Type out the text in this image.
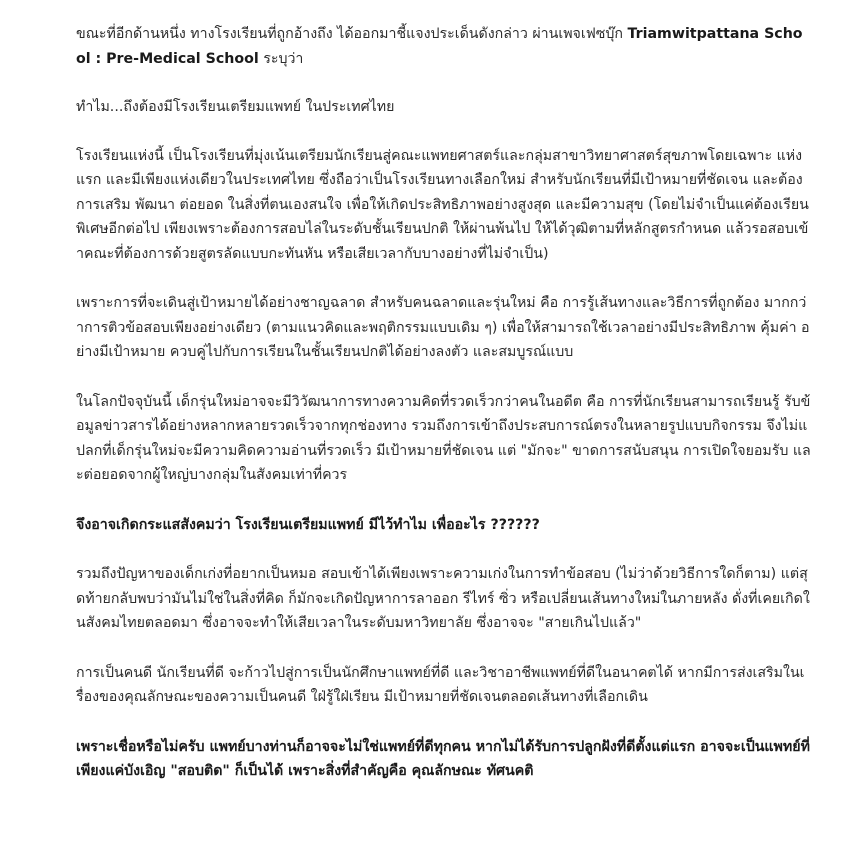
ขณะที่อีกด้านหนึ่ง ทางโรงเรียนที่ถูกอ้างถึง ได้ออกมาชี้แจงประเด็นดังกล่าว ผ่านเพจเฟซบุ๊ก Triamwitpattana School : Pre-Medical School ระบุว่า

ทำไม...ถึงต้องมีโรงเรียนเตรียมแพทย์ ในประเทศไทย

โรงเรียนแห่งนี้ เป็นโรงเรียนที่มุ่งเน้นเตรียมนักเรียนสู่คณะแพทยศาสตร์และกลุ่มสาขาวิทยาศาสตร์สุขภาพโดยเฉพาะ แห่งแรก และมีเพียงแห่งเดียวในประเทศไทย ซึ่งถือว่าเป็นโรงเรียนทางเลือกใหม่ สำหรับนักเรียนที่มีเป้าหมายที่ชัดเจน และต้องการเสริม พัฒนา ต่อยอด ในสิ่งที่ตนเองสนใจ เพื่อให้เกิดประสิทธิภาพอย่างสูงสุด และมีความสุข (โดยไม่จำเป็นแค่ต้องเรียนพิเศษอีกต่อไป เพียงเพราะต้องการสอบไล่ในระดับชั้นเรียนปกติ ให้ผ่านพ้นไป ให้ได้วุฒิตามที่หลักสูตรกำหนด แล้วรอสอบเข้าคณะที่ต้องการด้วยสูตรลัดแบบกะทันหัน หรือเสียเวลากับบางอย่างที่ไม่จำเป็น)

เพราะการที่จะเดินสู่เป้าหมายได้อย่างชาญฉลาด สำหรับคนฉลาดและรุ่นใหม่ คือ การรู้เส้นทางและวิธีการที่ถูกต้อง มากกว่าการติวข้อสอบเพียงอย่างเดียว (ตามแนวคิดและพฤติกรรมแบบเดิม ๆ) เพื่อให้สามารถใช้เวลาอย่างมีประสิทธิภาพ คุ้มค่า อย่างมีเป้าหมาย ควบคู่ไปกับการเรียนในชั้นเรียนปกติได้อย่างลงตัว และสมบูรณ์แบบ

ในโลกปัจจุบันนี้ เด็กรุ่นใหม่อาจจะมีวิวัฒนาการทางความคิดที่รวดเร็วกว่าคนในอดีต คือ การที่นักเรียนสามารถเรียนรู้ รับข้อมูลข่าวสารได้อย่างหลากหลายรวดเร็วจากทุกช่องทาง รวมถึงการเข้าถึงประสบการณ์ตรงในหลายรูปแบบกิจกรรม จึงไม่แปลกที่เด็กรุ่นใหม่จะมีความคิดความอ่านที่รวดเร็ว มีเป้าหมายที่ชัดเจน แต่ "มักจะ" ขาดการสนับสนุน การเปิดใจยอมรับ และต่อยอดจากผู้ใหญ่บางกลุ่มในสังคมเท่าที่ควร

จึงอาจเกิดกระแสสังคมว่า โรงเรียนเตรียมแพทย์ มีไว้ทำไม เพื่ออะไร ??????

รวมถึงปัญหาของเด็กเก่งที่อยากเป็นหมอ สอบเข้าได้เพียงเพราะความเก่งในการทำข้อสอบ (ไม่ว่าด้วยวิธีการใดก็ตาม) แต่สุดท้ายกลับพบว่ามันไม่ใช่ในสิ่งที่คิด ก็มักจะเกิดปัญหาการลาออก รีไทร์ ซิ่ว หรือเปลี่ยนเส้นทางใหม่ในภายหลัง ดั่งที่เคยเกิดในสังคมไทยตลอดมา ซึ่งอาจจะทำให้เสียเวลาในระดับมหาวิทยาลัย ซึ่งอาจจะ "สายเกินไปแล้ว"

การเป็นคนดี นักเรียนที่ดี จะก้าวไปสู่การเป็นนักศึกษาแพทย์ที่ดี และวิชาอาชีพแพทย์ที่ดีในอนาคตได้ หากมีการส่งเสริมในเรื่องของคุณลักษณะของความเป็นคนดี ใฝ่รู้ใฝ่เรียน มีเป้าหมายที่ชัดเจนตลอดเส้นทางที่เลือกเดิน

เพราะเชื่อหรือไม่ครับ แพทย์บางท่านก็อาจจะไม่ใช่แพทย์ที่ดีทุกคน หากไม่ได้รับการปลูกฝังที่ดีตั้งแต่แรก อาจจะเป็นแพทย์ที่เพียงแค่บังเอิญ "สอบติด" ก็เป็นได้ เพราะสิ่งที่สำคัญคือ คุณลักษณะ ทัศนคติ
